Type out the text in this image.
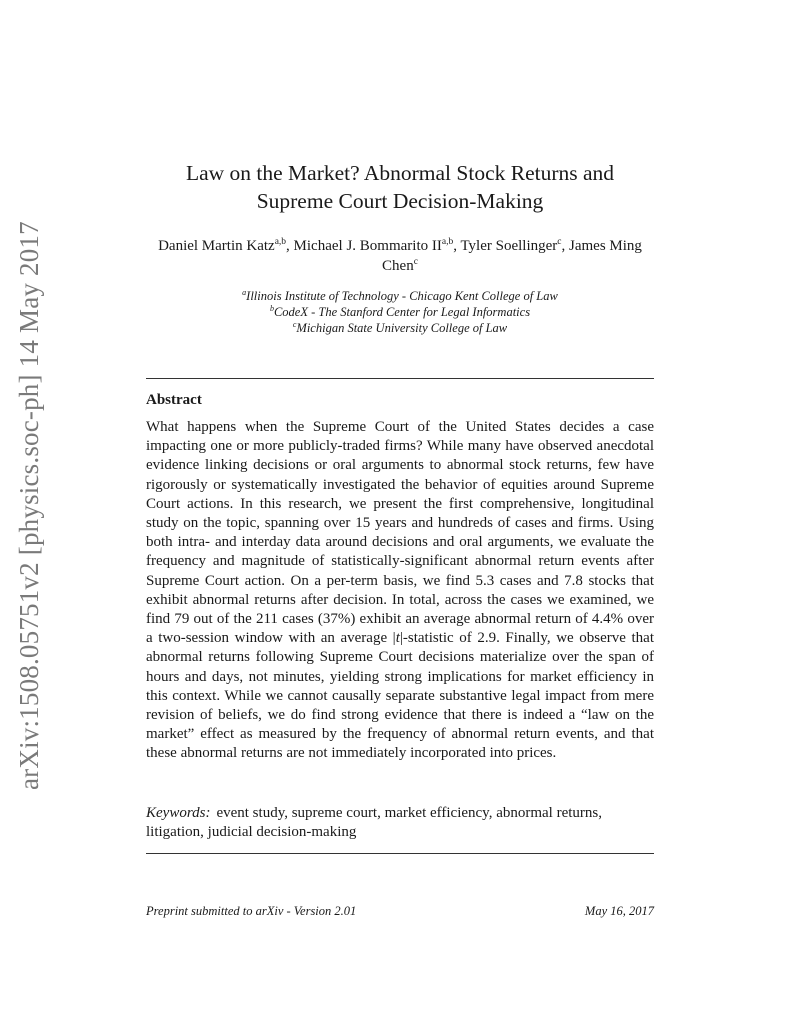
arXiv:1508.05751v2 [physics.soc-ph] 14 May 2017
Law on the Market? Abnormal Stock Returns and
Supreme Court Decision-Making
Daniel Martin Katz$^{a,b}$, Michael J. Bommarito II$^{a,b}$, Tyler Soellinger$^c$, James Ming Chen$^c$
$^a$Illinois Institute of Technology - Chicago Kent College of Law
$^b$CodeX - The Stanford Center for Legal Informatics
$^c$Michigan State University College of Law
Abstract
What happens when the Supreme Court of the United States decides a case impacting one or more publicly-traded firms? While many have observed anecdotal evidence linking decisions or oral arguments to abnormal stock returns, few have rigorously or systematically investigated the behavior of equities around Supreme Court actions. In this research, we present the first comprehensive, longitudinal study on the topic, spanning over 15 years and hundreds of cases and firms. Using both intra- and interday data around decisions and oral arguments, we evaluate the frequency and magnitude of statistically-significant abnormal return events after Supreme Court action. On a per-term basis, we find 5.3 cases and 7.8 stocks that exhibit abnormal returns after decision. In total, across the cases we examined, we find 79 out of the 211 cases (37%) exhibit an average abnormal return of 4.4% over a two-session window with an average |t|-statistic of 2.9. Finally, we observe that abnormal returns following Supreme Court decisions materialize over the span of hours and days, not minutes, yielding strong implications for market efficiency in this context. While we cannot causally separate substantive legal impact from mere revision of beliefs, we do find strong evidence that there is indeed a “law on the market” effect as measured by the frequency of abnormal return events, and that these abnormal returns are not immediately incorporated into prices.
Keywords: event study, supreme court, market efficiency, abnormal returns, litigation, judicial decision-making
Preprint submitted to arXiv - Version 2.01	May 16, 2017
